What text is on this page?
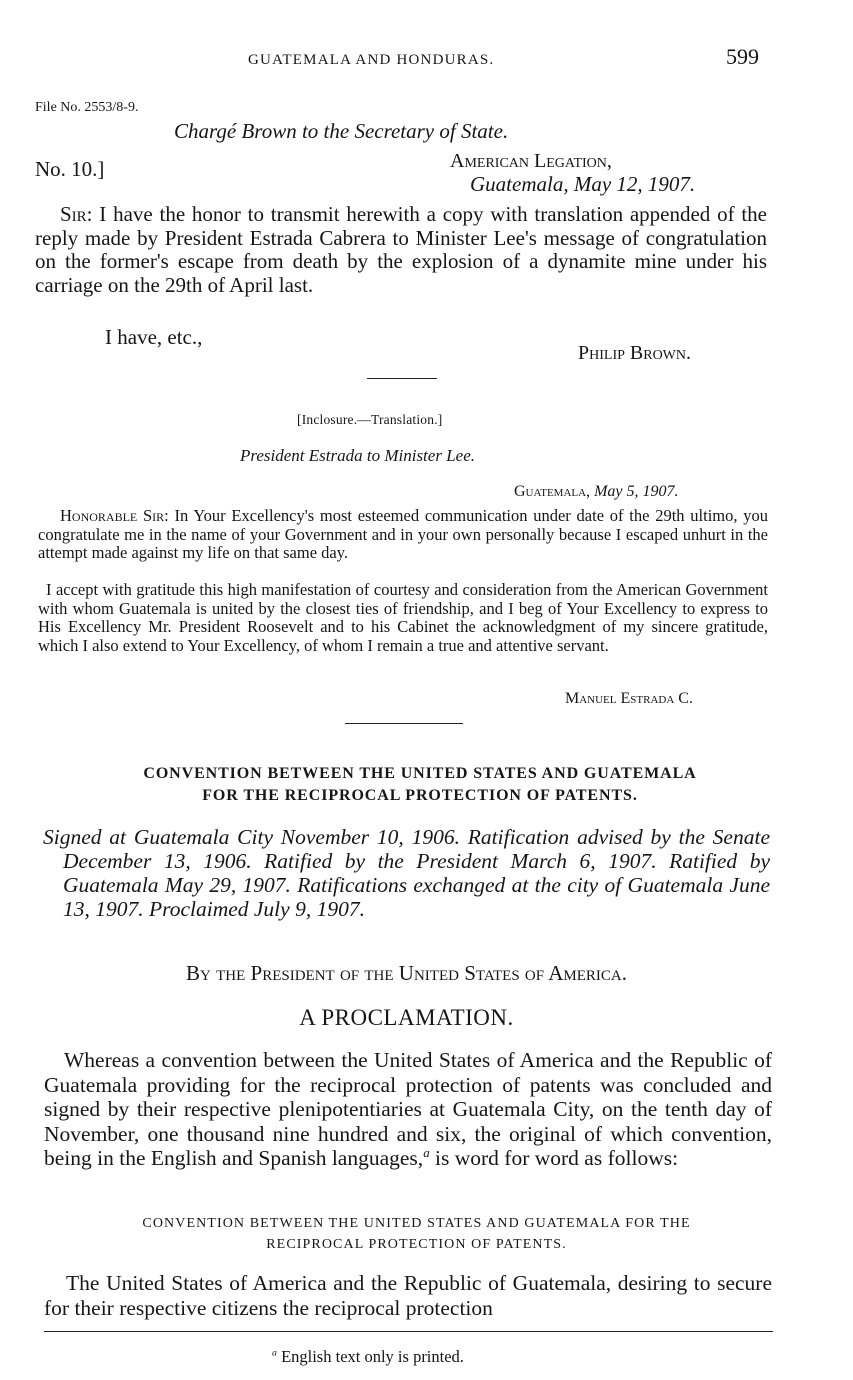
GUATEMALA AND HONDURAS.	599
File No. 2553/8-9.
Chargé Brown to the Secretary of State.
No. 10.]	American Legation,
Guatemala, May 12, 1907.
Sir: I have the honor to transmit herewith a copy with translation appended of the reply made by President Estrada Cabrera to Minister Lee's message of congratulation on the former's escape from death by the explosion of a dynamite mine under his carriage on the 29th of April last.
I have, etc.,
Philip Brown.
[Inclosure.—Translation.]
President Estrada to Minister Lee.
Guatemala, May 5, 1907.
Honorable Sir: In Your Excellency's most esteemed communication under date of the 29th ultimo, you congratulate me in the name of your Government and in your own personally because I escaped unhurt in the attempt made against my life on that same day.
I accept with gratitude this high manifestation of courtesy and consideration from the American Government with whom Guatemala is united by the closest ties of friendship, and I beg of Your Excellency to express to His Excellency Mr. President Roosevelt and to his Cabinet the acknowledgment of my sincere gratitude, which I also extend to Your Excellency, of whom I remain a true and attentive servant.
Manuel Estrada C.
CONVENTION BETWEEN THE UNITED STATES AND GUATEMALA
FOR THE RECIPROCAL PROTECTION OF PATENTS.
Signed at Guatemala City November 10, 1906. Ratification advised by the Senate December 13, 1906. Ratified by the President March 6, 1907. Ratified by Guatemala May 29, 1907. Ratifications exchanged at the city of Guatemala June 13, 1907. Proclaimed July 9, 1907.
By the President of the United States of America.
A PROCLAMATION.
Whereas a convention between the United States of America and the Republic of Guatemala providing for the reciprocal protection of patents was concluded and signed by their respective plenipotentiaries at Guatemala City, on the tenth day of November, one thousand nine hundred and six, the original of which convention, being in the English and Spanish languages,$^a$ is word for word as follows:
CONVENTION BETWEEN THE UNITED STATES AND GUATEMALA FOR THE
RECIPROCAL PROTECTION OF PATENTS.
The United States of America and the Republic of Guatemala, desiring to secure for their respective citizens the reciprocal protection
$^a$ English text only is printed.
